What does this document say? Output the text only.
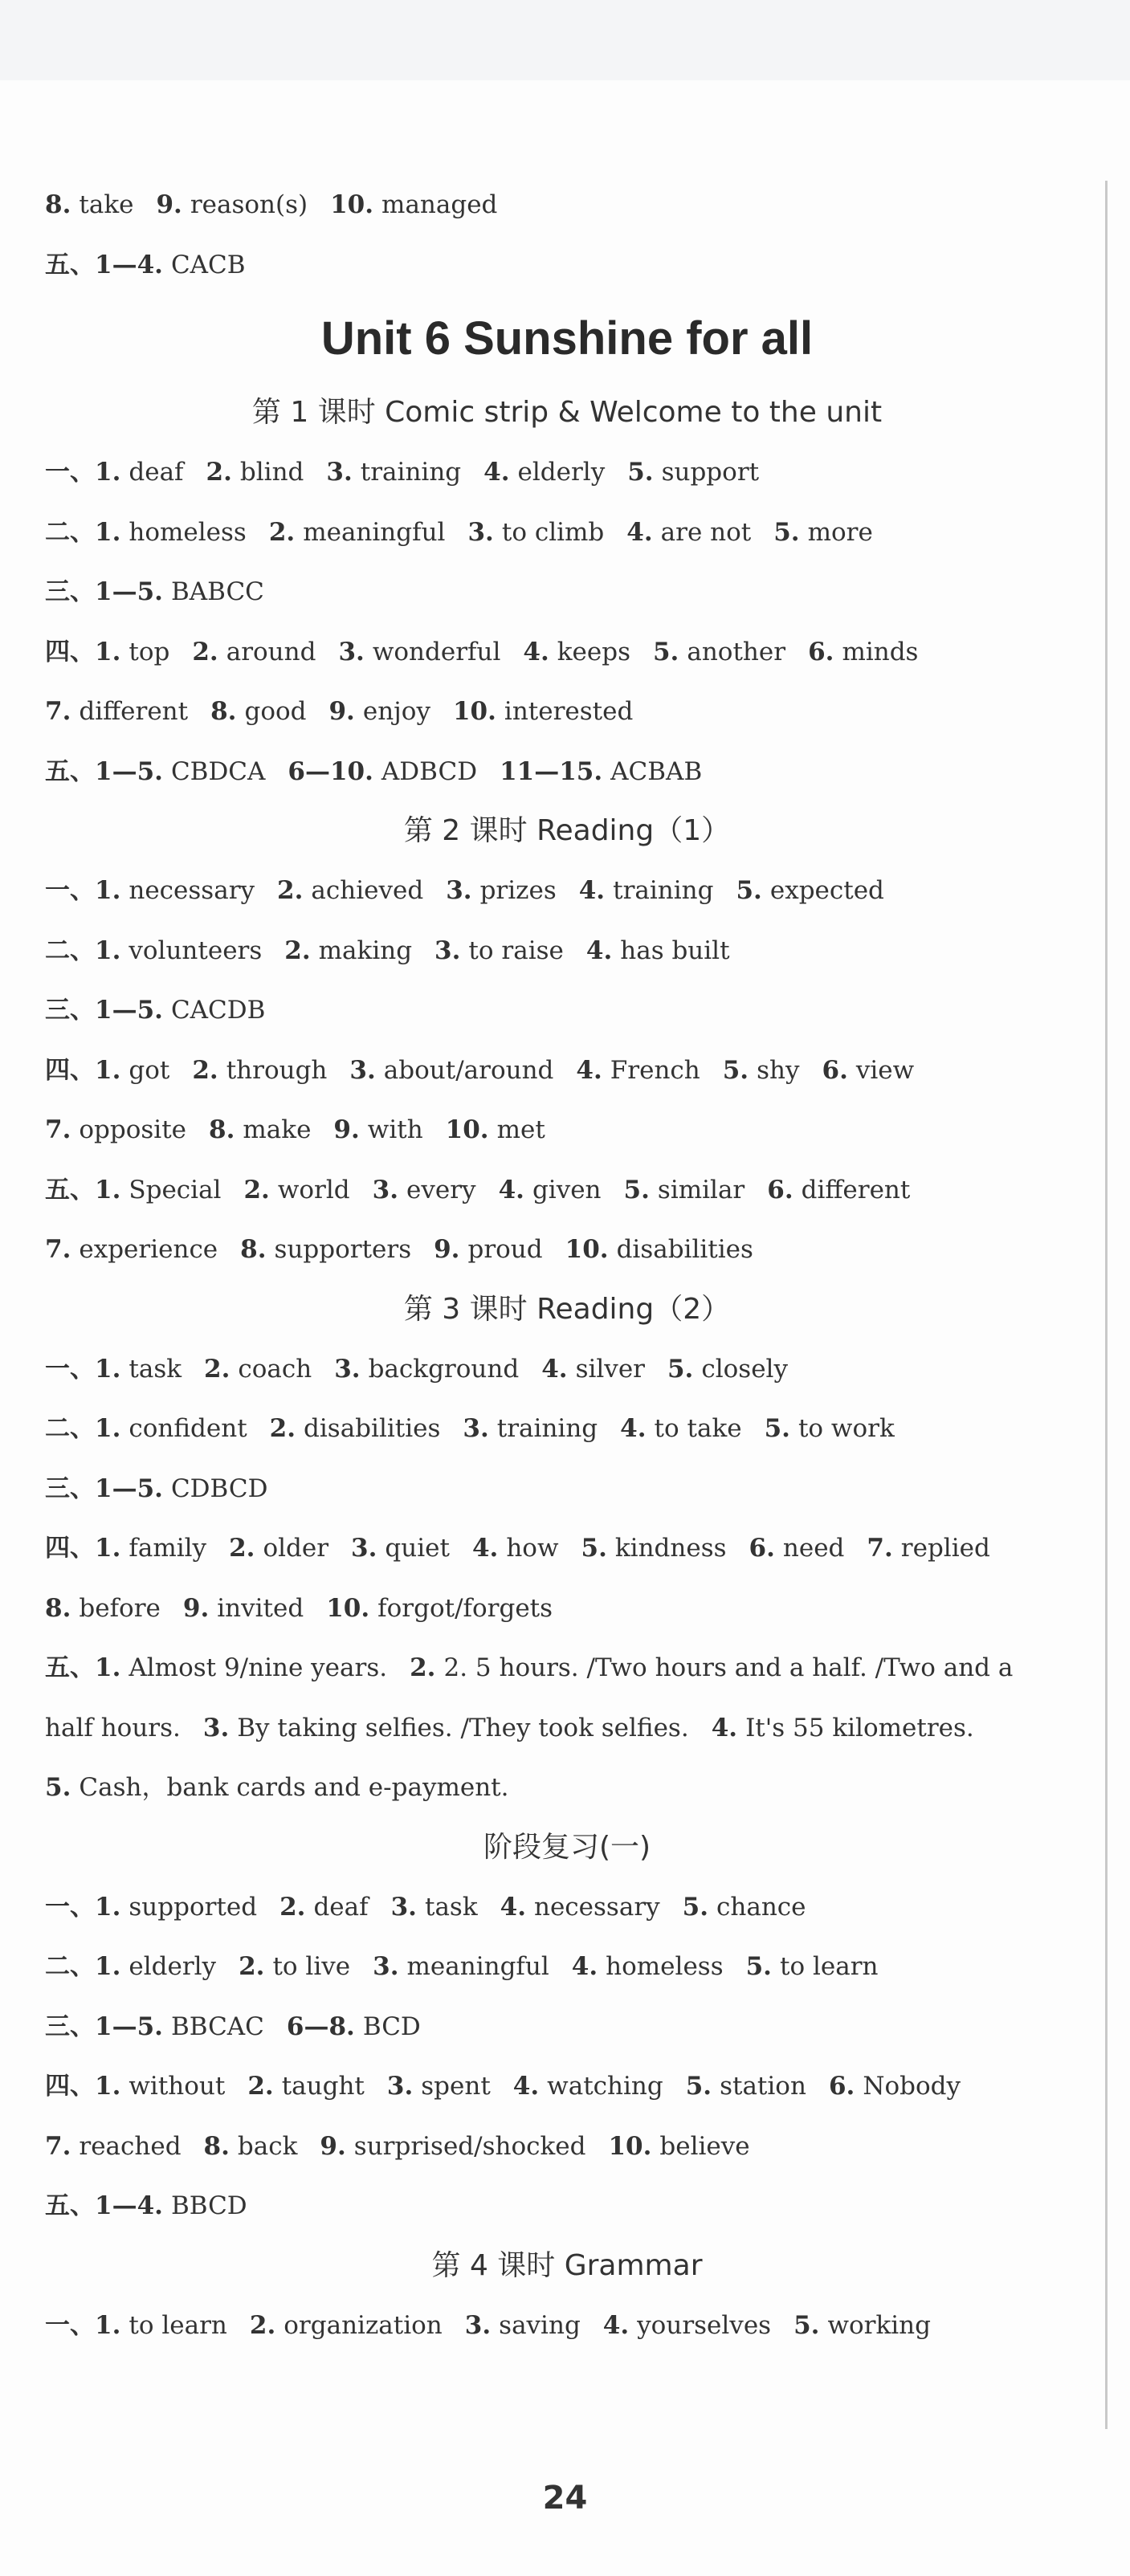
8. take 9. reason(s) 10. managed
五、1—4. CACB
Unit 6 Sunshine for all
第 1 课时 Comic strip & Welcome to the unit
一、1. deaf 2. blind 3. training 4. elderly 5. support
二、1. homeless 2. meaningful 3. to climb 4. are not 5. more
三、1—5. BABCC
四、1. top 2. around 3. wonderful 4. keeps 5. another 6. minds
7. different 8. good 9. enjoy 10. interested
五、1—5. CBDCA 6—10. ADBCD 11—15. ACBAB
第 2 课时 Reading（1）
一、1. necessary 2. achieved 3. prizes 4. training 5. expected
二、1. volunteers 2. making 3. to raise 4. has built
三、1—5. CACDB
四、1. got 2. through 3. about/around 4. French 5. shy 6. view
7. opposite 8. make 9. with 10. met
五、1. Special 2. world 3. every 4. given 5. similar 6. different
7. experience 8. supporters 9. proud 10. disabilities
第 3 课时 Reading（2）
一、1. task 2. coach 3. background 4. silver 5. closely
二、1. confident 2. disabilities 3. training 4. to take 5. to work
三、1—5. CDBCD
四、1. family 2. older 3. quiet 4. how 5. kindness 6. need 7. replied
8. before 9. invited 10. forgot/forgets
五、1. Almost 9/nine years. 2. 2. 5 hours. /Two hours and a half. /Two and a
half hours. 3. By taking selfies. /They took selfies. 4. It's 55 kilometres.
5. Cash，bank cards and e-payment.
阶段复习(一)
一、1. supported 2. deaf 3. task 4. necessary 5. chance
二、1. elderly 2. to live 3. meaningful 4. homeless 5. to learn
三、1—5. BBCAC 6—8. BCD
四、1. without 2. taught 3. spent 4. watching 5. station 6. Nobody
7. reached 8. back 9. surprised/shocked 10. believe
五、1—4. BBCD
第 4 课时 Grammar
一、1. to learn 2. organization 3. saving 4. yourselves 5. working
24
